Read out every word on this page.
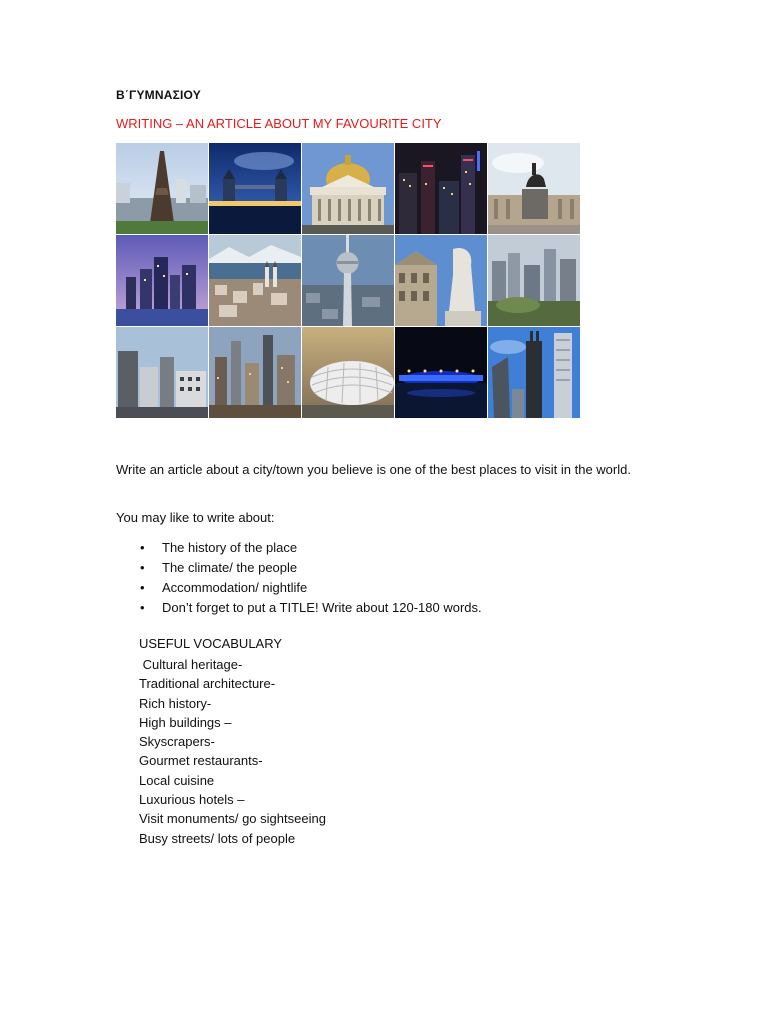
Β΄ΓΥΜΝΑΣΙΟΥ
WRITING – AN ARTICLE ABOUT MY FAVOURITE CITY
Write an article about a city/town you believe is one of the best places to visit in the world.
You may like to write about:
• The history of the place
• The climate/ the people
• Accommodation/ nightlife
• Don’t forget to put a TITLE! Write about 120-180 words.
USEFUL VOCABULARY
Cultural heritage-
Traditional architecture-
Rich history-
High buildings –
Skyscrapers-
Gourmet restaurants-
Local cuisine
Luxurious hotels –
Visit monuments/ go sightseeing
Busy streets/ lots of people
